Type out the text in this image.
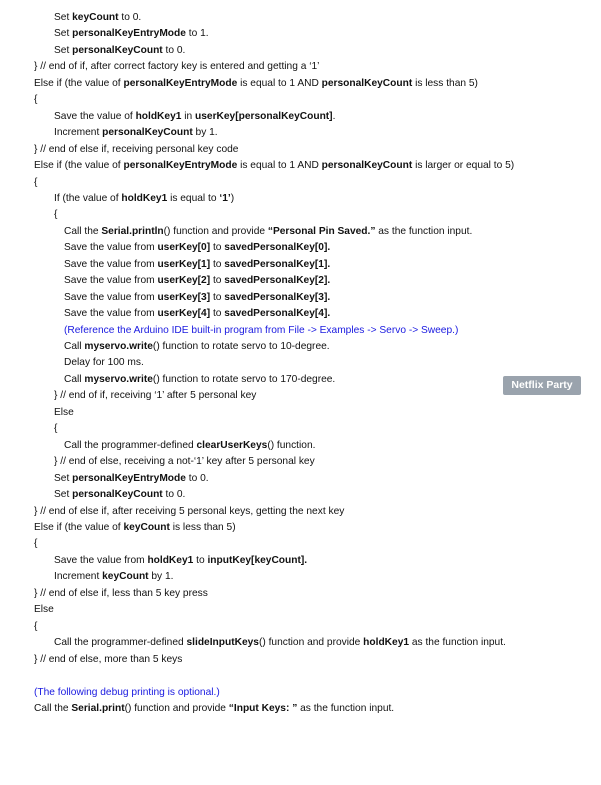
Set keyCount to 0.
Set personalKeyEntryMode to 1.
Set personalKeyCount to 0.
} // end of if, after correct factory key is entered and getting a ‘1’
Else if (the value of personalKeyEntryMode is equal to 1 AND personalKeyCount is less than 5)
{
Save the value of holdKey1 in userKey[personalKeyCount].
Increment personalKeyCount by 1.
} // end of else if, receiving personal key code
Else if (the value of personalKeyEntryMode is equal to 1 AND personalKeyCount is larger or equal to 5)
{
If (the value of holdKey1 is equal to ‘1’)
{
Call the Serial.println() function and provide “Personal Pin Saved.” as the function input.
Save the value from userKey[0] to savedPersonalKey[0].
Save the value from userKey[1] to savedPersonalKey[1].
Save the value from userKey[2] to savedPersonalKey[2].
Save the value from userKey[3] to savedPersonalKey[3].
Save the value from userKey[4] to savedPersonalKey[4].
(Reference the Arduino IDE built-in program from File -> Examples -> Servo -> Sweep.)
Call myservo.write() function to rotate servo to 10-degree.
Delay for 100 ms.
Call myservo.write() function to rotate servo to 170-degree.
} // end of if, receiving ‘1’ after 5 personal key
Else
{
Call the programmer-defined clearUserKeys() function.
} // end of else, receiving a not-‘1’ key after 5 personal key
Set personalKeyEntryMode to 0.
Set personalKeyCount to 0.
} // end of else if, after receiving 5 personal keys, getting the next key
Else if (the value of keyCount is less than 5)
{
Save the value from holdKey1 to inputKey[keyCount].
Increment keyCount by 1.
} // end of else if, less than 5 key press
Else
{
Call the programmer-defined slideInputKeys() function and provide holdKey1 as the function input.
} // end of else, more than 5 keys
(The following debug printing is optional.)
Call the Serial.print() function and provide “Input Keys: ” as the function input.
Netflix Party
